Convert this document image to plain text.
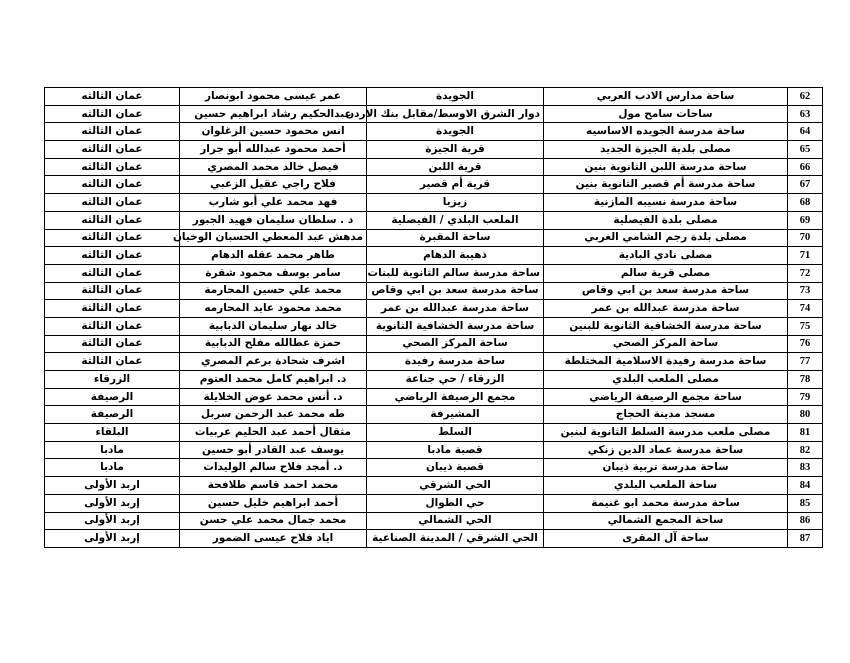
62	ساحة مدارس الادب العربي	الجويدة	عمر عيسى محمود ابونصار	عمان الثالثه
63	ساحات سامح مول	دوار الشرق الاوسط/مقابل بنك الاردن	عبدالحكيم رشاد ابراهيم حسين	عمان الثالثه
64	ساحة مدرسة الجويده الاساسيه	الجويدة	انس محمود حسين الزغلوان	عمان الثالثه
65	مصلى بلدية الجيزة الجديد	قرية الجيزة	أحمد محمود عبدالله أبو جرار	عمان الثالثه
66	ساحة مدرسة اللبن الثانوية بنين	قرية اللبن	فيصل خالد محمد المصري	عمان الثالثه
67	ساحة مدرسة أم قصير الثانوية بنين	قرية أم قصير	فلاح راجي عقيل الزعبي	عمان الثالثه
68	ساحة مدرسة نسيبه المازنية	زيزيا	فهد محمد علي أبو شارب	عمان الثالثه
69	مصلى بلدة الفيصلية	الملعب البلدي / الفيصلية	د . سلطان سليمان فهيد الجبور	عمان الثالثه
70	مصلى بلدة رجم الشامي الغربي	ساحة المقبرة	مدهش عبد المعطي الحسبان الوخيان	عمان الثالثه
71	مصلى نادي البادية	ذهيبة الدهام	طاهر محمد عقله الدهام	عمان الثالثه
72	مصلى قرية سالم	ساحة مدرسة سالم الثانوية للبنات	سامر يوسف محمود شقرة	عمان الثالثه
73	ساحة مدرسة سعد بن ابي وقاص	ساحة مدرسة سعد بن ابي وقاص	محمد علي حسين المحارمة	عمان الثالثة
74	ساحة مدرسة عبدالله بن عمر	ساحة مدرسة عبدالله بن عمر	محمد محمود عايد المحارمه	عمان الثالثة
75	ساحة مدرسة الخشافية الثانوية للبنين	ساحة مدرسة الخشافية الثانوية	خالد نهار سليمان الدبابية	عمان الثالثة
76	ساحة المركز الصحي	ساحة المركز الصحي	حمزة عطالله مفلح الدبابية	عمان الثالثة
77	ساحة مدرسة رفيدة الاسلامية المختلطة	ساحة مدرسة رفيدة	اشرف شحادة برعم المصري	عمان الثالثة
78	مصلى الملعب البلدي	الزرقاء / حي جناعة	د. ابراهيم كامل محمد العتوم	الزرقاء
79	ساحة مجمع الرصيفة الرياضي	مجمع الرصيفة الرياضي	د. أنس محمد عوض الخلايلة	الرصيفة
80	مسجد مدينة الحجاج	المشيرفة	طه محمد عبد الرحمن سربل	الرصيفة
81	مصلى ملعب مدرسة السلط الثانوية لبنين	السلط	مثقال أحمد عبد الحليم عربيات	البلقاء
82	ساحة مدرسة عماد الدين زنكي	قصبة مادبا	يوسف عبد القادر أبو حسين	مادبا
83	ساحة مدرسة تربية ذيبان	قصبة ذيبان	د. أمجد فلاح سالم الوليدات	مادبا
84	ساحة الملعب البلدي	الحي الشرقي	محمد احمد قاسم طلافحة	اربد الأولى
85	ساحة مدرسة محمد ابو غنيمة	حي الطوال	أحمد ابراهيم خليل حسين	إربد الأولى
86	ساحة المجمع الشمالي	الحي الشمالي	محمد جمال محمد علي حسن	إربد الأولى
87	ساحة آل المقرى	الحي الشرقي / المدينة الصناعية	اياد فلاح عيسى الضمور	إربد الأولى
